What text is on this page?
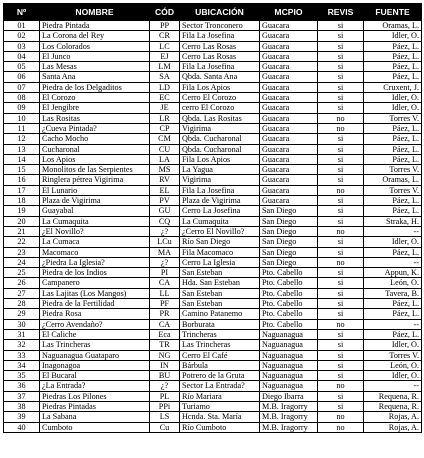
Nº	NOMBRE	CÓD	UBICACIÓN	MCPIO	REVIS	FUENTE
01	Piedra Pintada	PP	Sector Tronconero	Guacara	si	Oramas, L.
02	La Corona del Rey	CR	Fila La Josefina	Guacara	si	Idler, O.
03	Los Colorados	LC	Cerro Las Rosas	Guacara	si	Páez, L.
04	El Junco	EJ	Cerro Las Rosas	Guacara	si	Páez, L.
05	Las Mesas	LM	Fila La Josefina	Guacara	si	Páez, L.
06	Santa Ana	SA	Qbda. Santa Ana	Guacara	si	Páez, L.
07	Piedra de los Delgaditos	LD	Fila Los Apios	Guacara	si	Cruxent, J.
08	El Corozo	EC	Cerro El Corozo	Guacara	si	Idler, O.
09	El Jengibre	JE	cerro El Corozo	Guacara	si	Idler, O.
10	Las Rositas	LR	Qbda. Las Rositas	Guacara	no	Torres V.
11	¿Cueva Pintada?	CP	Vigirima	Guacara	no	Páez, L.
12	Cacho Mocho	CM	Qbda. Cucharonal	Guacara	si	Páez, L.
13	Cucharonal	CU	Qbda. Cucharonal	Guacara	si	Páez, L.
14	Los Apios	LA	Fila Los Apios	Guacara	si	Páez, L.
15	Monolitos de las Serpientes	MS	La Yagua	Guacara	si	Torres V.
16	Ringlera pétrea Vigirima	RV	Vigirima	Guacara	si	Oramas, L.
17	El Lunario	EL	Fila La Josefina	Guacara	no	Torres V.
18	Plaza de Vigirima	PV	Plaza de Vigirima	Guacara	si	Páez, L.
19	Guayabal	GU	Cerro La Josefina	San Diego	si	Páez, L.
20	La Cumaquita	CQ	La Cumaquita	San Diego	si	Straka, H.
21	¿El Novillo?	¿?	¿Cerro El Novillo?	San Diego	no	--
22	La Cumaca	LCu	Río San Diego	San Diego	si	Idler, O.
23	Macomaco	MA	Fila Macomaco	San Diego	si	Páez, L.
24	¿Piedra La Iglesia?	¿?	Cerro La Iglesia	San Diego	no	--
25	Piedra de los Indios	PI	San Esteban	Pto. Cabello	si	Appun, K.
26	Campanero	CA	Hda. San Esteban	Pto. Cabello	si	León, O.
27	Las Lajitas (Los Mangos)	LL	San Esteban	Pto. Cabello	si	Tavera, B.
28	Piedra de la Fertilidad	PF	San Esteban	Pto. Cabello	si	Páez, L.
29	Piedra Rosa	PR	Camino Patanemo	Pto. Cabello	si	Páez, L.
30	¿Cerro Avendaño?	CA	Borburata	Pto. Cabello	no	--
31	El Caliche	Eca	Trincheras	Naguanagua	si	Páez, L.
32	Las Trincheras	TR	Las Trincheras	Naguanagua	si	Idler, O.
33	Naguanagua Guataparo	NG	Cerro El Café	Naguanagua	si	Torres V.
34	Inagonagoa	IN	Bárbula	Naguanagua	si	León, O.
35	El Bucaral	BU	Potrero de la Gruta	Naguanagua	si	Idler, O.
36	¿La Entrada?	¿?	Sector La Entrada?	Naguanagua	no	--
37	Piedras Los Pilones	PL	Río Mariara	Diego Ibarra	si	Requena, R.
38	Piedras Pintadas	PPi	Turiamo	M.B. Iragorry	si	Requena, R.
39	La Sabana	LS	Hcnda. Sta. María	M.B. Iragorry	no	Rojas, A.
40	Cumboto	Cu	Río Cumboto	M.B. Iragorry	no	Rojas, A.
